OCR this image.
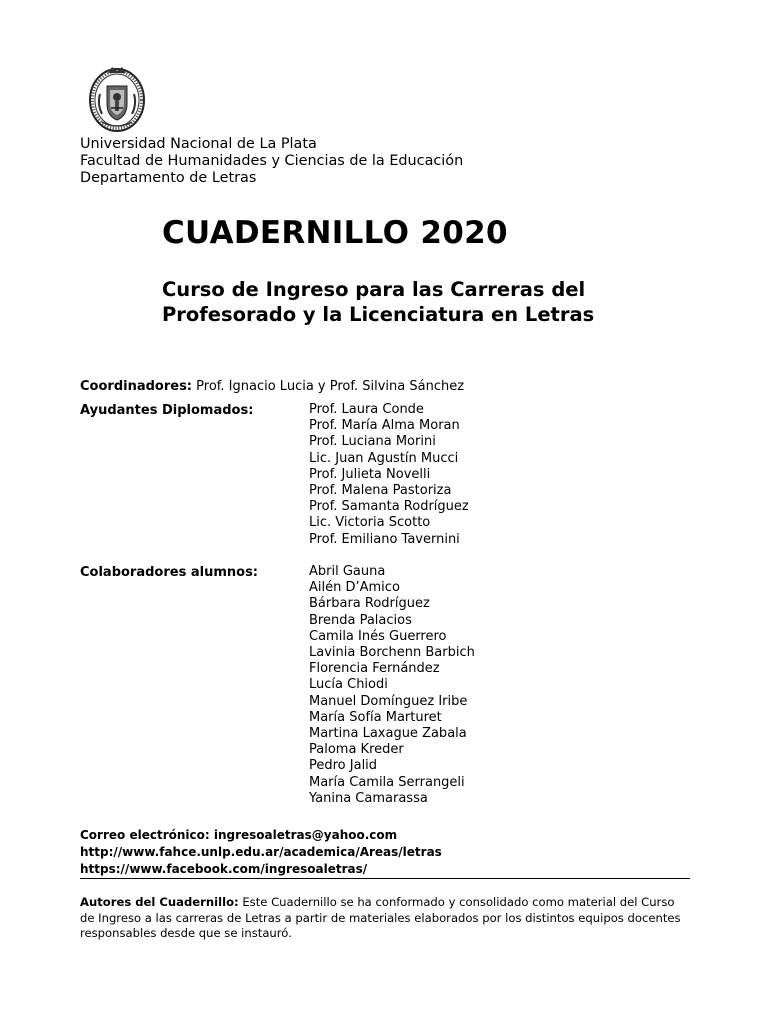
Universidad Nacional de La Plata
Facultad de Humanidades y Ciencias de la Educación
Departamento de Letras
CUADERNILLO 2020
Curso de Ingreso para las Carreras del
Profesorado y la Licenciatura en Letras
Coordinadores: Prof. Ignacio Lucia y Prof. Silvina Sánchez
Ayudantes Diplomados:	Prof. Laura Conde
Prof. María Alma Moran
Prof. Luciana Morini
Lic. Juan Agustín Mucci
Prof. Julieta Novelli
Prof. Malena Pastoriza
Prof. Samanta Rodríguez
Lic. Victoria Scotto
Prof. Emiliano Tavernini
Colaboradores alumnos:	Abril Gauna
Ailén D’Amico
Bárbara Rodríguez
Brenda Palacios
Camila Inés Guerrero
Lavinia Borchenn Barbich
Florencia Fernández
Lucía Chiodi
Manuel Domínguez Iribe
María Sofía Marturet
Martina Laxague Zabala
Paloma Kreder
Pedro Jalid
María Camila Serrangeli
Yanina Camarassa
Correo electrónico: ingresoaletras@yahoo.com
http://www.fahce.unlp.edu.ar/academica/Areas/letras
https://www.facebook.com/ingresoaletras/
Autores del Cuadernillo: Este Cuadernillo se ha conformado y consolidado como material del Curso de Ingreso a las carreras de Letras a partir de materiales elaborados por los distintos equipos docentes responsables desde que se instauró.
